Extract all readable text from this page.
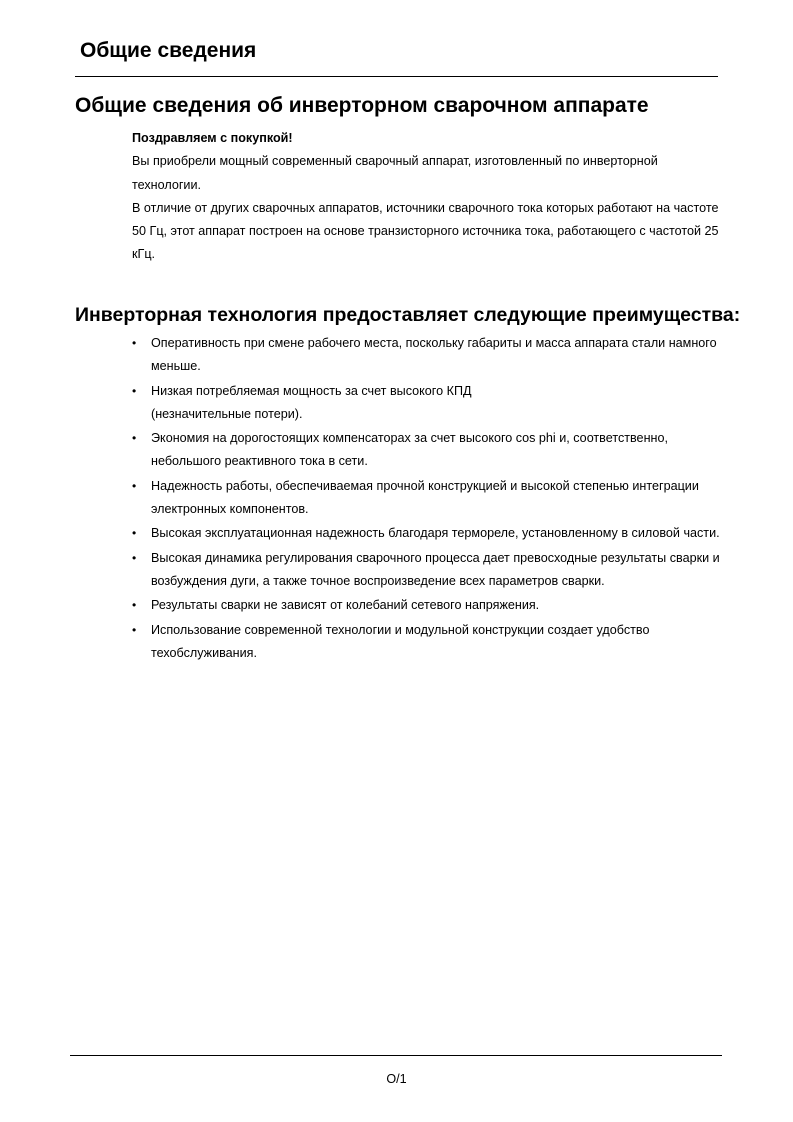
Общие сведения
Общие сведения об инверторном сварочном аппарате

Поздравляем с покупкой!

Вы приобрели мощный современный сварочный аппарат, изготовленный по инверторной технологии.

В отличие от других сварочных аппаратов, источники сварочного тока которых работают на частоте 50 Гц, этот аппарат построен на основе транзисторного источника тока, работающего с частотой 25 кГц.

Инверторная технология предоставляет следующие преимущества:
• Оперативность при смене рабочего места, поскольку габариты и масса аппарата стали намного меньше.
• Низкая потребляемая мощность за счет высокого КПД
(незначительные потери).
• Экономия на дорогостоящих компенсаторах за счет высокого cos phi и, соответственно, небольшого реактивного тока в сети.
• Надежность работы, обеспечиваемая прочной конструкцией и высокой степенью интеграции электронных компонентов.
• Высокая эксплуатационная надежность благодаря термореле, установленному в силовой части.
• Высокая динамика регулирования сварочного процесса дает превосходные результаты сварки и возбуждения дуги, а также точное воспроизведение всех параметров сварки.
• Результаты сварки не зависят от колебаний сетевого напряжения.
• Использование современной технологии и модульной конструкции создает удобство техобслуживания.
O/1
